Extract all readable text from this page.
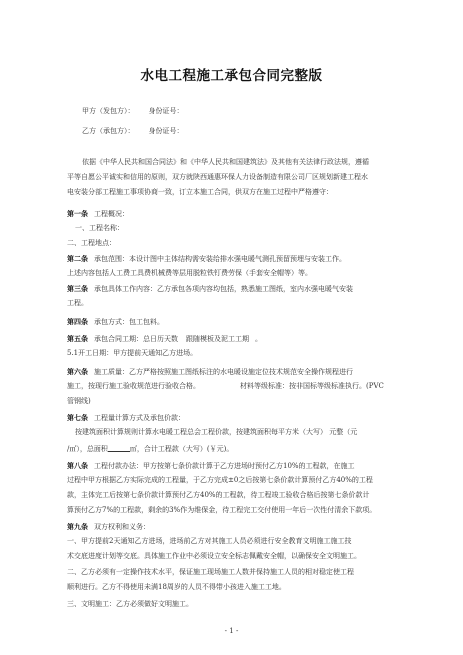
水电工程施工承包合同完整版
甲方（发包方）： 身份证号：
乙方（承包方）： 身份证号：
依据《中华人民共和国合同法》和《中华人民共和国建筑法》及其他有关法律行政法规，遵循
平等自愿公平诚实和信用的原则，双方就陕西通惠环保人力设备制造有限公司厂区规划新建工程水
电安装分部工程施工事项协商一致，订立本施工合同，供双方在施工过程中严格遵守：
第一条 工程概况：
一、工程名称：
二、工程地点：
第二条 承包范围：本设计图中主体结构需安装给排水强电暖气测孔预留预埋与安装工作。
上述内容包括人工费工具费机械费等层用脱粒铁钉费劳保（手套安全帽等）等。
第三条 承包具体工作内容：乙方承包各项内容均包括，熟悉施工图纸，室内水强电暖气安装
工程。
第四条 承包方式：包工包料。
第五条 承包合同工期：总日历天数 跟随模板及泥工工期 。
5.1开工日期：甲方提前天通知乙方进场。
第六条 施工质量：乙方严格按照施工图纸标注的水电暖设施定位技术规范安全操作规程进行
施工，按现行施工验收规范进行验收合格。	材料等级标准：按非国标等级标准执行。(PVC
管钢线)
第七条 工程量计算方式及承包价款：
按建筑面积计算规则计算水电暖工程总会工程价款，按建筑面积每平方米（大写） 元整（元
/㎡），总面积	㎡，合计工程款（大写）(￥元)。
第八条 工程付款办法：甲方按第七条价款计算于乙方进场时预付乙方10%的工程款，在施工
过程中甲方根据乙方实际完成的工程量，于乙方完成±0之后按第七条价款计算预付乙方40%的工程
款，主体完工后按第七条价款计算预付乙方40%的工程款，待工程竣工验收合格后按第七条价款计
算预付乙方7%的工程款，剩余的3%作为维保金，待工程完工交付使用一年后一次性付清余下款项。
第九条 双方权利和义务：
一、甲方提前2天通知乙方进场，进场前乙方对其施工人员必须进行安全教育文明施工施工技
术交底进度计划等交底。具体施工作业中必须设立安全标志佩戴安全帽，以确保安全文明施工。
二、乙方必须有一定操作技术水平，保证施工现场施工人数并保持施工人员的相对稳定使工程
顺利进行。乙方不得使用未满18周岁的人员不得带小孩进入施工工地。
三、文明施工：乙方必须做好文明施工。
- 1 -
